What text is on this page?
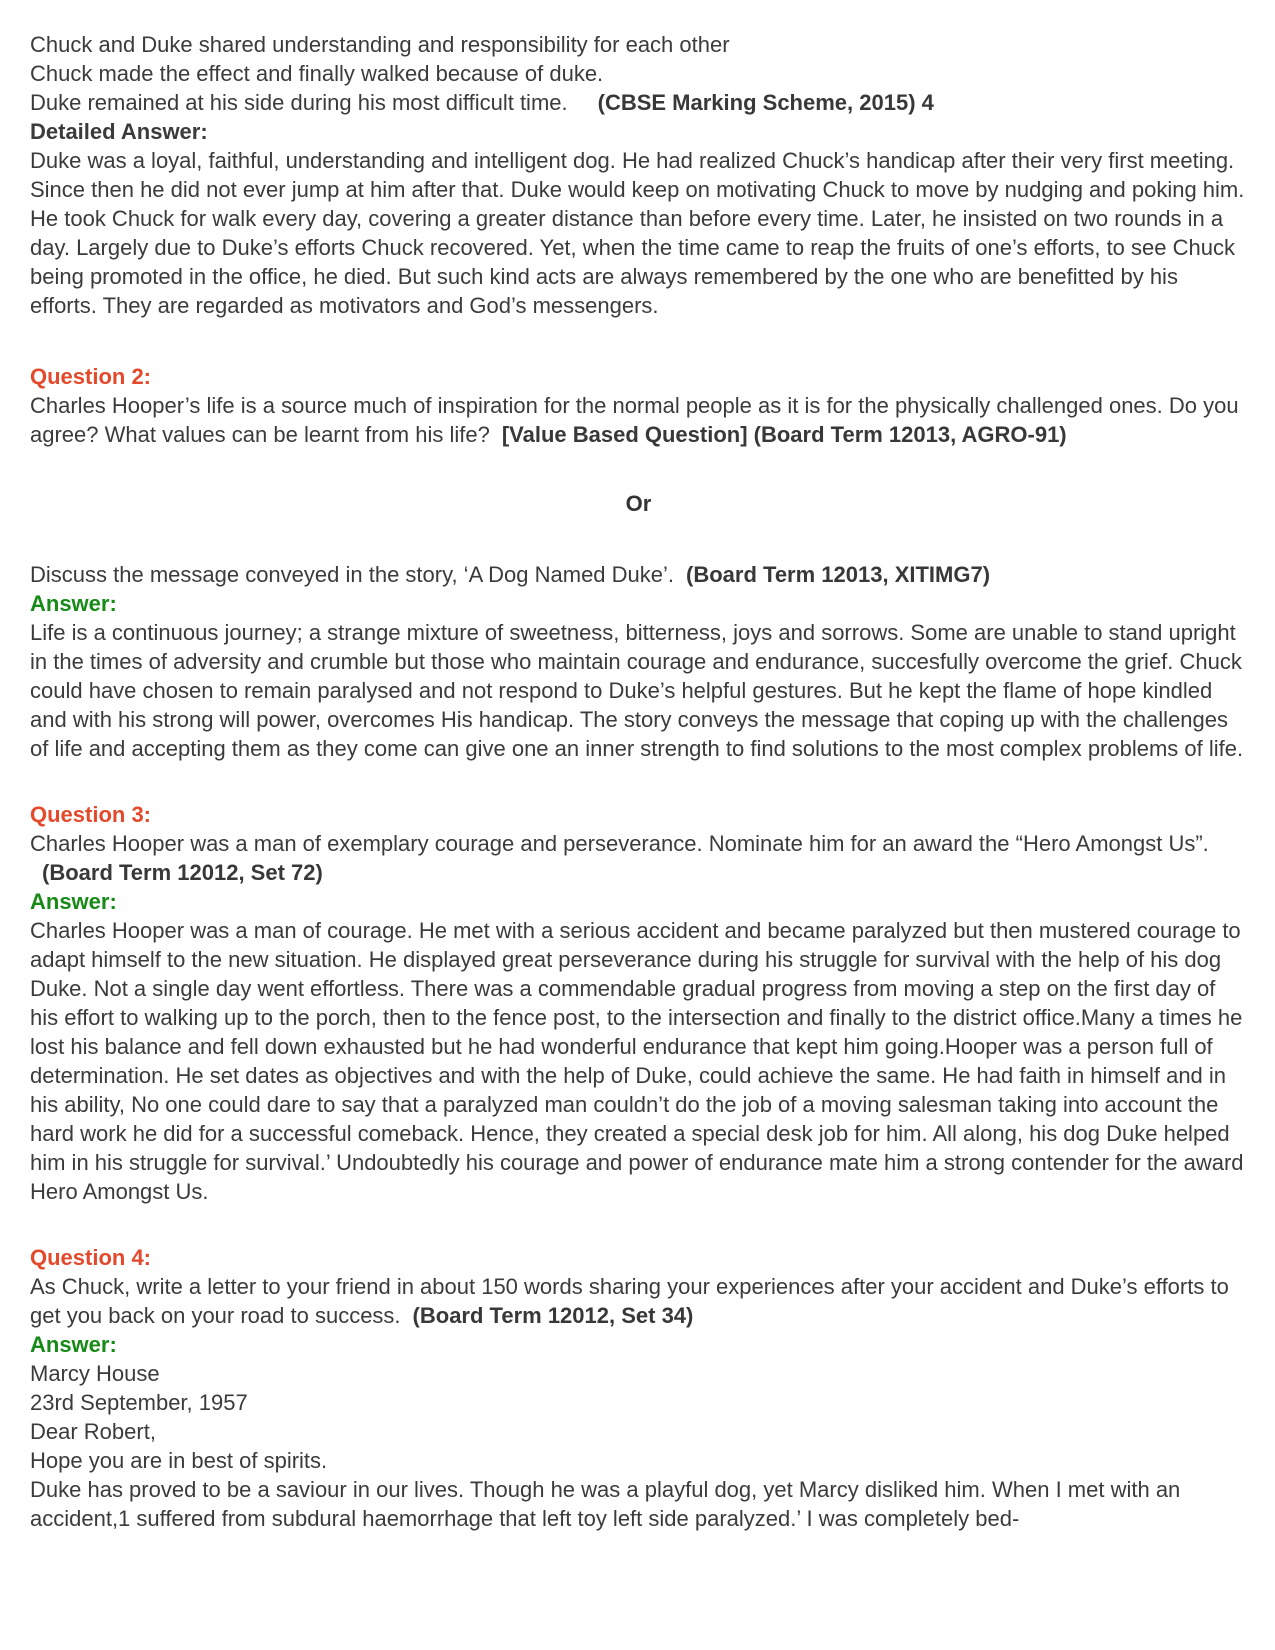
Chuck and Duke shared understanding and responsibility for each other

Chuck made the effect and finally walked because of duke.

Duke remained at his side during his most difficult time. (CBSE Marking Scheme, 2015) 4

Detailed Answer:

Duke was a loyal, faithful, understanding and intelligent dog. He had realized Chuck’s handicap after their very first meeting. Since then he did not ever jump at him after that. Duke would keep on motivating Chuck to move by nudging and poking him. He took Chuck for walk every day, covering a greater distance than before every time. Later, he insisted on two rounds in a day. Largely due to Duke’s efforts Chuck recovered. Yet, when the time came to reap the fruits of one’s efforts, to see Chuck being promoted in the office, he died. But such kind acts are always remembered by the one who are benefitted by his efforts. They are regarded as motivators and God’s messengers.

Question 2:

Charles Hooper’s life is a source much of inspiration for the normal people as it is for the physically challenged ones. Do you agree? What values can be learnt from his life? [Value Based Question] (Board Term 12013, AGRO-91)

Or

Discuss the message conveyed in the story, ‘A Dog Named Duke’. (Board Term 12013, XITIMG7)

Answer:

Life is a continuous journey; a strange mixture of sweetness, bitterness, joys and sorrows. Some are unable to stand upright in the times of adversity and crumble but those who maintain courage and endurance, succesfully overcome the grief. Chuck could have chosen to remain paralysed and not respond to Duke’s helpful gestures. But he kept the flame of hope kindled and with his strong will power, overcomes His handicap. The story conveys the message that coping up with the challenges of life and accepting them as they come can give one an inner strength to find solutions to the most complex problems of life.

Question 3:

Charles Hooper was a man of exemplary courage and perseverance. Nominate him for an award the “Hero Amongst Us”.(Board Term 12012, Set 72)

Answer:

Charles Hooper was a man of courage. He met with a serious accident and became paralyzed but then mustered courage to adapt himself to the new situation. He displayed great perseverance during his struggle for survival with the help of his dog Duke. Not a single day went effortless. There was a commendable gradual progress from moving a step on the first day of his effort to walking up to the porch, then to the fence post, to the intersection and finally to the district office.Many a times he lost his balance and fell down exhausted but he had wonderful endurance that kept him going.Hooper was a person full of determination. He set dates as objectives and with the help of Duke, could achieve the same. He had faith in himself and in his ability, No one could dare to say that a paralyzed man couldn’t do the job of a moving salesman taking into account the hard work he did for a successful comeback. Hence, they created a special desk job for him. All along, his dog Duke helped him in his struggle for survival.’ Undoubtedly his courage and power of endurance mate him a strong contender for the award Hero Amongst Us.

Question 4:

As Chuck, write a letter to your friend in about 150 words sharing your experiences after your accident and Duke’s efforts to get you back on your road to success. (Board Term 12012, Set 34)

Answer:

Marcy House

23rd September, 1957

Dear Robert,

Hope you are in best of spirits.

Duke has proved to be a saviour in our lives. Though he was a playful dog, yet Marcy disliked him. When I met with an accident,1 suffered from subdural haemorrhage that left toy left side paralyzed.’ I was completely bed-
